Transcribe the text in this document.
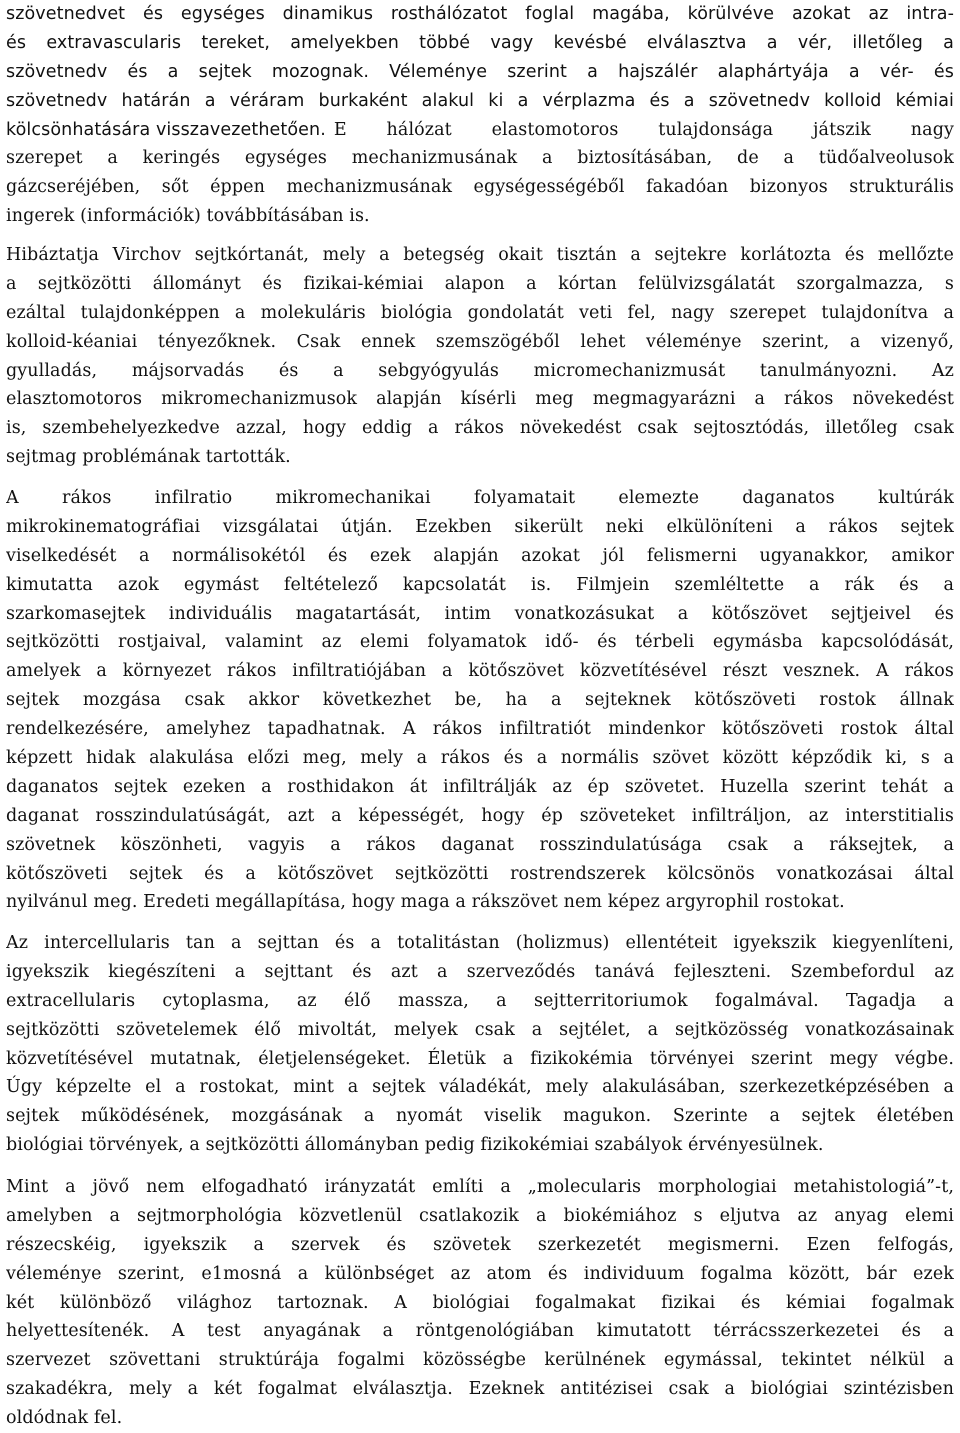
szövetnedvet és egységes dinamikus rosthálózatot foglal magába, körülvéve azokat az intra-
és extravascularis tereket, amelyekben többé vagy kevésbé elválasztva a vér, illetőleg a
szövetnedv és a sejtek mozognak. Véleménye szerint a hajszálér alaphártyája a vér- és
szövetnedv határán a véráram burkaként alakul ki a vérplazma és a szövetnedv kolloid kémiai
kölcsönhatására visszavezethetően. E hálózat elastomotoros tulajdonsága játszik nagy
szerepet a keringés egységes mechanizmusának a biztosításában, de a tüdőalveolusok
gázcseréjében, sőt éppen mechanizmusának egységességéből fakadóan bizonyos strukturális
ingerek (információk) továbbításában is.
Hibáztatja Virchov sejtkórtanát, mely a betegség okait tisztán a sejtekre korlátozta és mellőzte
a sejtközötti állományt és fizikai-kémiai alapon a kórtan felülvizsgálatát szorgalmazza, s
ezáltal tulajdonképpen a molekuláris biológia gondolatát veti fel, nagy szerepet tulajdonítva a
kolloid-kéaniai tényezőknek. Csak ennek szemszögéből lehet véleménye szerint, a vizenyő,
gyulladás, májsorvadás és a sebgyógyulás micromechanizmusát tanulmányozni. Az
elasztomotoros mikromechanizmusok alapján kísérli meg megmagyarázni a rákos növekedést
is, szembehelyezkedve azzal, hogy eddig a rákos növekedést csak sejtosztódás, illetőleg csak
sejtmag problémának tartották.
A rákos infilratio mikromechanikai folyamatait elemezte daganatos kultúrák
mikrokinematográfiai vizsgálatai útján. Ezekben sikerült neki elkülöníteni a rákos sejtek
viselkedését a normálisokétól és ezek alapján azokat jól felismerni ugyanakkor, amikor
kimutatta azok egymást feltételező kapcsolatát is. Filmjein szemléltette a rák és a
szarkomasejtek individuális magatartását, intim vonatkozásukat a kötőszövet sejtjeivel és
sejtközötti rostjaival, valamint az elemi folyamatok idő- és térbeli egymásba kapcsolódását,
amelyek a környezet rákos infiltratiójában a kötőszövet közvetítésével részt vesznek. A rákos
sejtek mozgása csak akkor következhet be, ha a sejteknek kötőszöveti rostok állnak
rendelkezésére, amelyhez tapadhatnak. A rákos infiltratiót mindenkor kötőszöveti rostok által
képzett hidak alakulása előzi meg, mely a rákos és a normális szövet között képződik ki, s a
daganatos sejtek ezeken a rosthidakon át infiltrálják az ép szövetet. Huzella szerint tehát a
daganat rosszindulatúságát, azt a képességét, hogy ép szöveteket infiltráljon, az interstitialis
szövetnek köszönheti, vagyis a rákos daganat rosszindulatúsága csak a ráksejtek, a
kötőszöveti sejtek és a kötőszövet sejtközötti rostrendszerek kölcsönös vonatkozásai által
nyilvánul meg. Eredeti megállapítása, hogy maga a rákszövet nem képez argyrophil rostokat.
Az intercellularis tan a sejttan és a totalitástan (holizmus) ellentéteit igyekszik kiegyenlíteni,
igyekszik kiegészíteni a sejttant és azt a szerveződés tanává fejleszteni. Szembefordul az
extracellularis cytoplasma, az élő massza, a sejtterritoriumok fogalmával. Tagadja a
sejtközötti szövetelemek élő mivoltát, melyek csak a sejtélet, a sejtközösség vonatkozásainak
közvetítésével mutatnak, életjelenségeket. Életük a fizikokémia törvényei szerint megy végbe.
Úgy képzelte el a rostokat, mint a sejtek váladékát, mely alakulásában, szerkezetképzésében a
sejtek működésének, mozgásának a nyomát viselik magukon. Szerinte a sejtek életében
biológiai törvények, a sejtközötti állományban pedig fizikokémiai szabályok érvényesülnek.
Mint a jövő nem elfogadható irányzatát említi a „molecularis morphologiai metahistologiá”-t,
amelyben a sejtmorphológia közvetlenül csatlakozik a biokémiához s eljutva az anyag elemi
részecskéig, igyekszik a szervek és szövetek szerkezetét megismerni. Ezen felfogás,
véleménye szerint, e1mosná a különbséget az atom és individuum fogalma között, bár ezek
két különböző világhoz tartoznak. A biológiai fogalmakat fizikai és kémiai fogalmak
helyettesítenék. A test anyagának a röntgenológiában kimutatott térrácsszerkezetei és a
szervezet szövettani struktúrája fogalmi közösségbe kerülnének egymással, tekintet nélkül a
szakadékra, mely a két fogalmat elválasztja. Ezeknek antitézisei csak a biológiai szintézisben
oldódnak fel.
